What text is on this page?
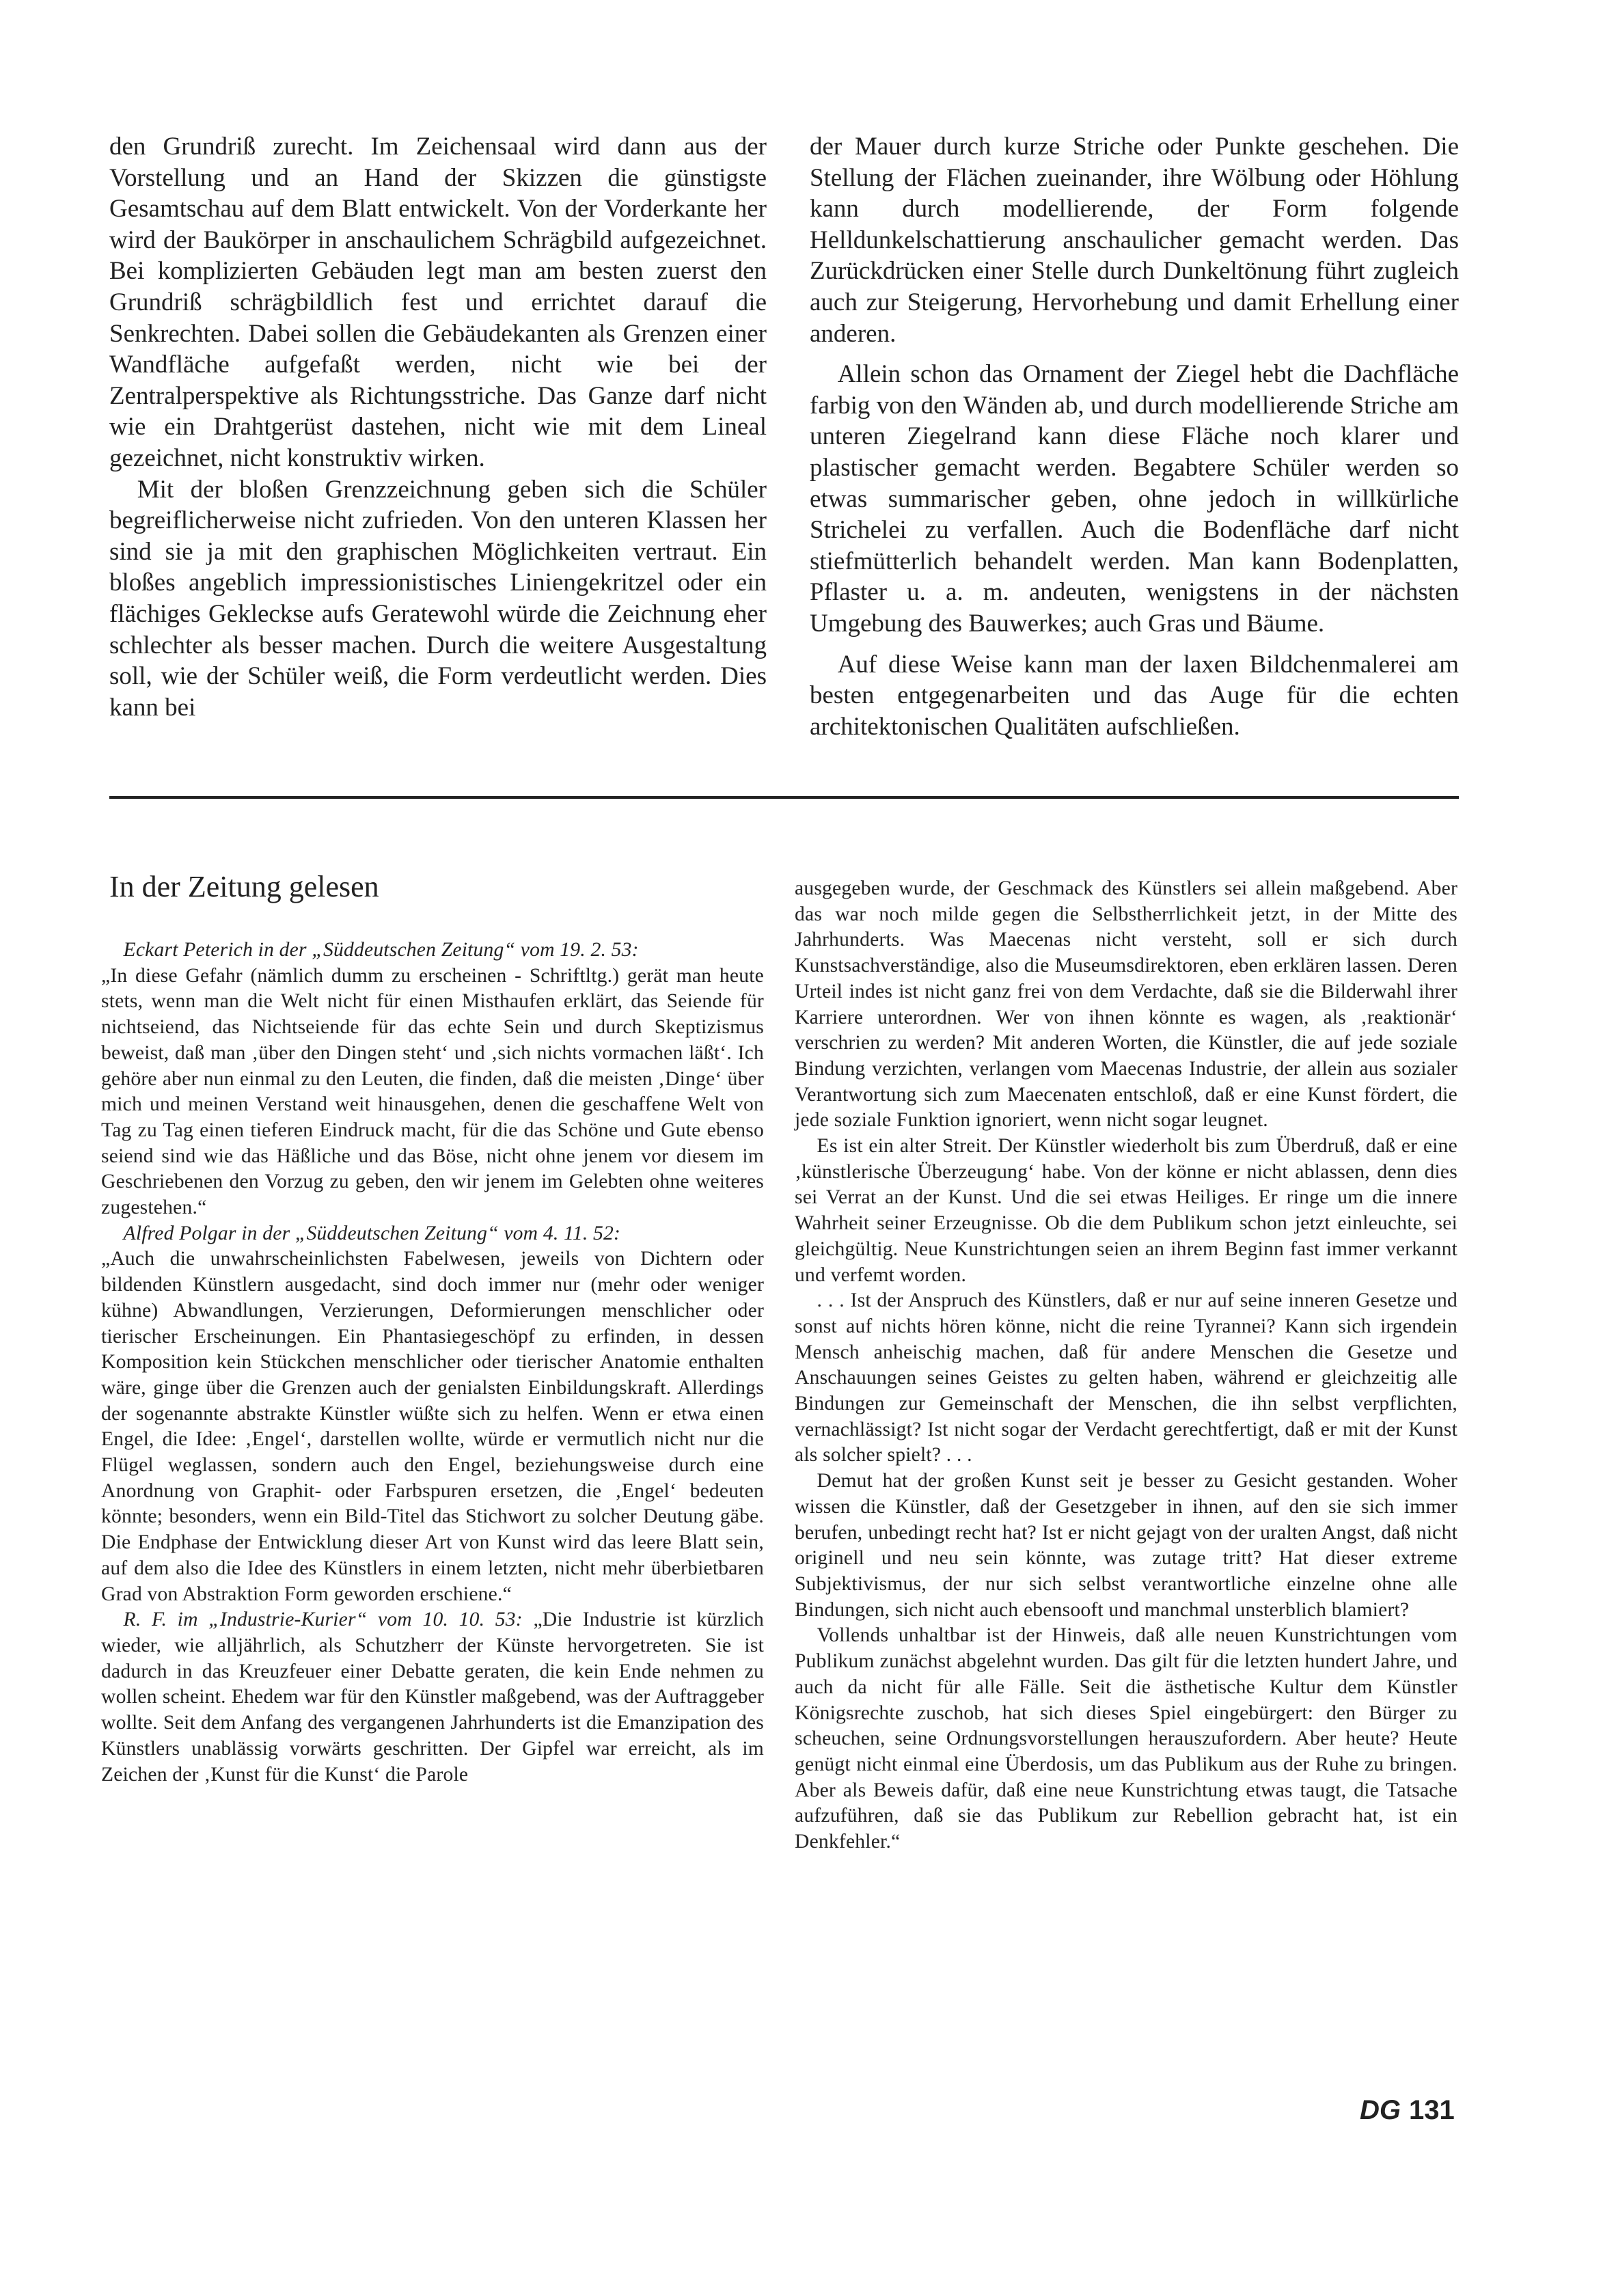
den Grundriß zurecht. Im Zeichensaal wird dann aus der Vorstellung und an Hand der Skizzen die günstigste Gesamtschau auf dem Blatt entwickelt. Von der Vorderkante her wird der Baukörper in anschaulichem Schrägbild aufgezeichnet. Bei komplizierten Gebäuden legt man am besten zuerst den Grundriß schrägbildlich fest und errichtet darauf die Senkrechten. Dabei sollen die Gebäudekanten als Grenzen einer Wandfläche aufgefaßt werden, nicht wie bei der Zentralperspektive als Richtungsstriche. Das Ganze darf nicht wie ein Drahtgerüst dastehen, nicht wie mit dem Lineal gezeichnet, nicht konstruktiv wirken.

Mit der bloßen Grenzzeichnung geben sich die Schüler begreiflicherweise nicht zufrieden. Von den unteren Klassen her sind sie ja mit den graphischen Möglichkeiten vertraut. Ein bloßes angeblich impressionistisches Liniengekritzel oder ein flächiges Gekleckse aufs Geratewohl würde die Zeichnung eher schlechter als besser machen. Durch die weitere Ausgestaltung soll, wie der Schüler weiß, die Form verdeutlicht werden. Dies kann bei

der Mauer durch kurze Striche oder Punkte geschehen. Die Stellung der Flächen zueinander, ihre Wölbung oder Höhlung kann durch modellierende, der Form folgende Helldunkelschattierung anschaulicher gemacht werden. Das Zurückdrücken einer Stelle durch Dunkeltönung führt zugleich auch zur Steigerung, Hervorhebung und damit Erhellung einer anderen.

Allein schon das Ornament der Ziegel hebt die Dachfläche farbig von den Wänden ab, und durch modellierende Striche am unteren Ziegelrand kann diese Fläche noch klarer und plastischer gemacht werden. Begabtere Schüler werden so etwas summarischer geben, ohne jedoch in willkürliche Strichelei zu verfallen. Auch die Bodenfläche darf nicht stiefmütterlich behandelt werden. Man kann Bodenplatten, Pflaster u. a. m. andeuten, wenigstens in der nächsten Umgebung des Bauwerkes; auch Gras und Bäume.

Auf diese Weise kann man der laxen Bildchenmalerei am besten entgegenarbeiten und das Auge für die echten architektonischen Qualitäten aufschließen.

In der Zeitung gelesen

Eckart Peterich in der „Süddeutschen Zeitung“ vom 19. 2. 53:
„In diese Gefahr (nämlich dumm zu erscheinen - Schriftltg.) gerät man heute stets, wenn man die Welt nicht für einen Misthaufen erklärt, das Seiende für nichtseiend, das Nichtseiende für das echte Sein und durch Skeptizismus beweist, daß man ‚über den Dingen steht‘ und ‚sich nichts vormachen läßt‘. Ich gehöre aber nun einmal zu den Leuten, die finden, daß die meisten ‚Dinge‘ über mich und meinen Verstand weit hinausgehen, denen die geschaffene Welt von Tag zu Tag einen tieferen Eindruck macht, für die das Schöne und Gute ebenso seiend sind wie das Häßliche und das Böse, nicht ohne jenem vor diesem im Geschriebenen den Vorzug zu geben, den wir jenem im Gelebten ohne weiteres zugestehen.“

Alfred Polgar in der „Süddeutschen Zeitung“ vom 4. 11. 52:
„Auch die unwahrscheinlichsten Fabelwesen, jeweils von Dichtern oder bildenden Künstlern ausgedacht, sind doch immer nur (mehr oder weniger kühne) Abwandlungen, Verzierungen, Deformierungen menschlicher oder tierischer Erscheinungen. Ein Phantasiegeschöpf zu erfinden, in dessen Komposition kein Stückchen menschlicher oder tierischer Anatomie enthalten wäre, ginge über die Grenzen auch der genialsten Einbildungskraft. Allerdings der sogenannte abstrakte Künstler wüßte sich zu helfen. Wenn er etwa einen Engel, die Idee: ‚Engel‘, darstellen wollte, würde er vermutlich nicht nur die Flügel weglassen, sondern auch den Engel, beziehungsweise durch eine Anordnung von Graphit- oder Farbspuren ersetzen, die ‚Engel‘ bedeuten könnte; besonders, wenn ein Bild-Titel das Stichwort zu solcher Deutung gäbe. Die Endphase der Entwicklung dieser Art von Kunst wird das leere Blatt sein, auf dem also die Idee des Künstlers in einem letzten, nicht mehr überbietbaren Grad von Abstraktion Form geworden erschiene.“

R. F. im „Industrie-Kurier“ vom 10. 10. 53: „Die Industrie ist kürzlich wieder, wie alljährlich, als Schutzherr der Künste hervorgetreten. Sie ist dadurch in das Kreuzfeuer einer Debatte geraten, die kein Ende nehmen zu wollen scheint. Ehedem war für den Künstler maßgebend, was der Auftraggeber wollte. Seit dem Anfang des vergangenen Jahrhunderts ist die Emanzipation des Künstlers unablässig vorwärts geschritten. Der Gipfel war erreicht, als im Zeichen der ‚Kunst für die Kunst‘ die Parole

ausgegeben wurde, der Geschmack des Künstlers sei allein maßgebend. Aber das war noch milde gegen die Selbstherrlichkeit jetzt, in der Mitte des Jahrhunderts. Was Maecenas nicht versteht, soll er sich durch Kunstsachverständige, also die Museumsdirektoren, eben erklären lassen. Deren Urteil indes ist nicht ganz frei von dem Verdachte, daß sie die Bilderwahl ihrer Karriere unterordnen. Wer von ihnen könnte es wagen, als ‚reaktionär‘ verschrien zu werden? Mit anderen Worten, die Künstler, die auf jede soziale Bindung verzichten, verlangen vom Maecenas Industrie, der allein aus sozialer Verantwortung sich zum Maecenaten entschloß, daß er eine Kunst fördert, die jede soziale Funktion ignoriert, wenn nicht sogar leugnet.

Es ist ein alter Streit. Der Künstler wiederholt bis zum Überdruß, daß er eine ‚künstlerische Überzeugung‘ habe. Von der könne er nicht ablassen, denn dies sei Verrat an der Kunst. Und die sei etwas Heiliges. Er ringe um die innere Wahrheit seiner Erzeugnisse. Ob die dem Publikum schon jetzt einleuchte, sei gleichgültig. Neue Kunstrichtungen seien an ihrem Beginn fast immer verkannt und verfemt worden.

. . . Ist der Anspruch des Künstlers, daß er nur auf seine inneren Gesetze und sonst auf nichts hören könne, nicht die reine Tyrannei? Kann sich irgendein Mensch anheischig machen, daß für andere Menschen die Gesetze und Anschauungen seines Geistes zu gelten haben, während er gleichzeitig alle Bindungen zur Gemeinschaft der Menschen, die ihn selbst verpflichten, vernachlässigt? Ist nicht sogar der Verdacht gerechtfertigt, daß er mit der Kunst als solcher spielt? . . .

Demut hat der großen Kunst seit je besser zu Gesicht gestanden. Woher wissen die Künstler, daß der Gesetzgeber in ihnen, auf den sie sich immer berufen, unbedingt recht hat? Ist er nicht gejagt von der uralten Angst, daß nicht originell und neu sein könnte, was zutage tritt? Hat dieser extreme Subjektivismus, der nur sich selbst verantwortliche einzelne ohne alle Bindungen, sich nicht auch ebensooft und manchmal unsterblich blamiert?

Vollends unhaltbar ist der Hinweis, daß alle neuen Kunstrichtungen vom Publikum zunächst abgelehnt wurden. Das gilt für die letzten hundert Jahre, und auch da nicht für alle Fälle. Seit die ästhetische Kultur dem Künstler Königsrechte zuschob, hat sich dieses Spiel eingebürgert: den Bürger zu scheuchen, seine Ordnungsvorstellungen herauszufordern. Aber heute? Heute genügt nicht einmal eine Überdosis, um das Publikum aus der Ruhe zu bringen. Aber als Beweis dafür, daß eine neue Kunstrichtung etwas taugt, die Tatsache aufzuführen, daß sie das Publikum zur Rebellion gebracht hat, ist ein Denkfehler.“

DG 131
